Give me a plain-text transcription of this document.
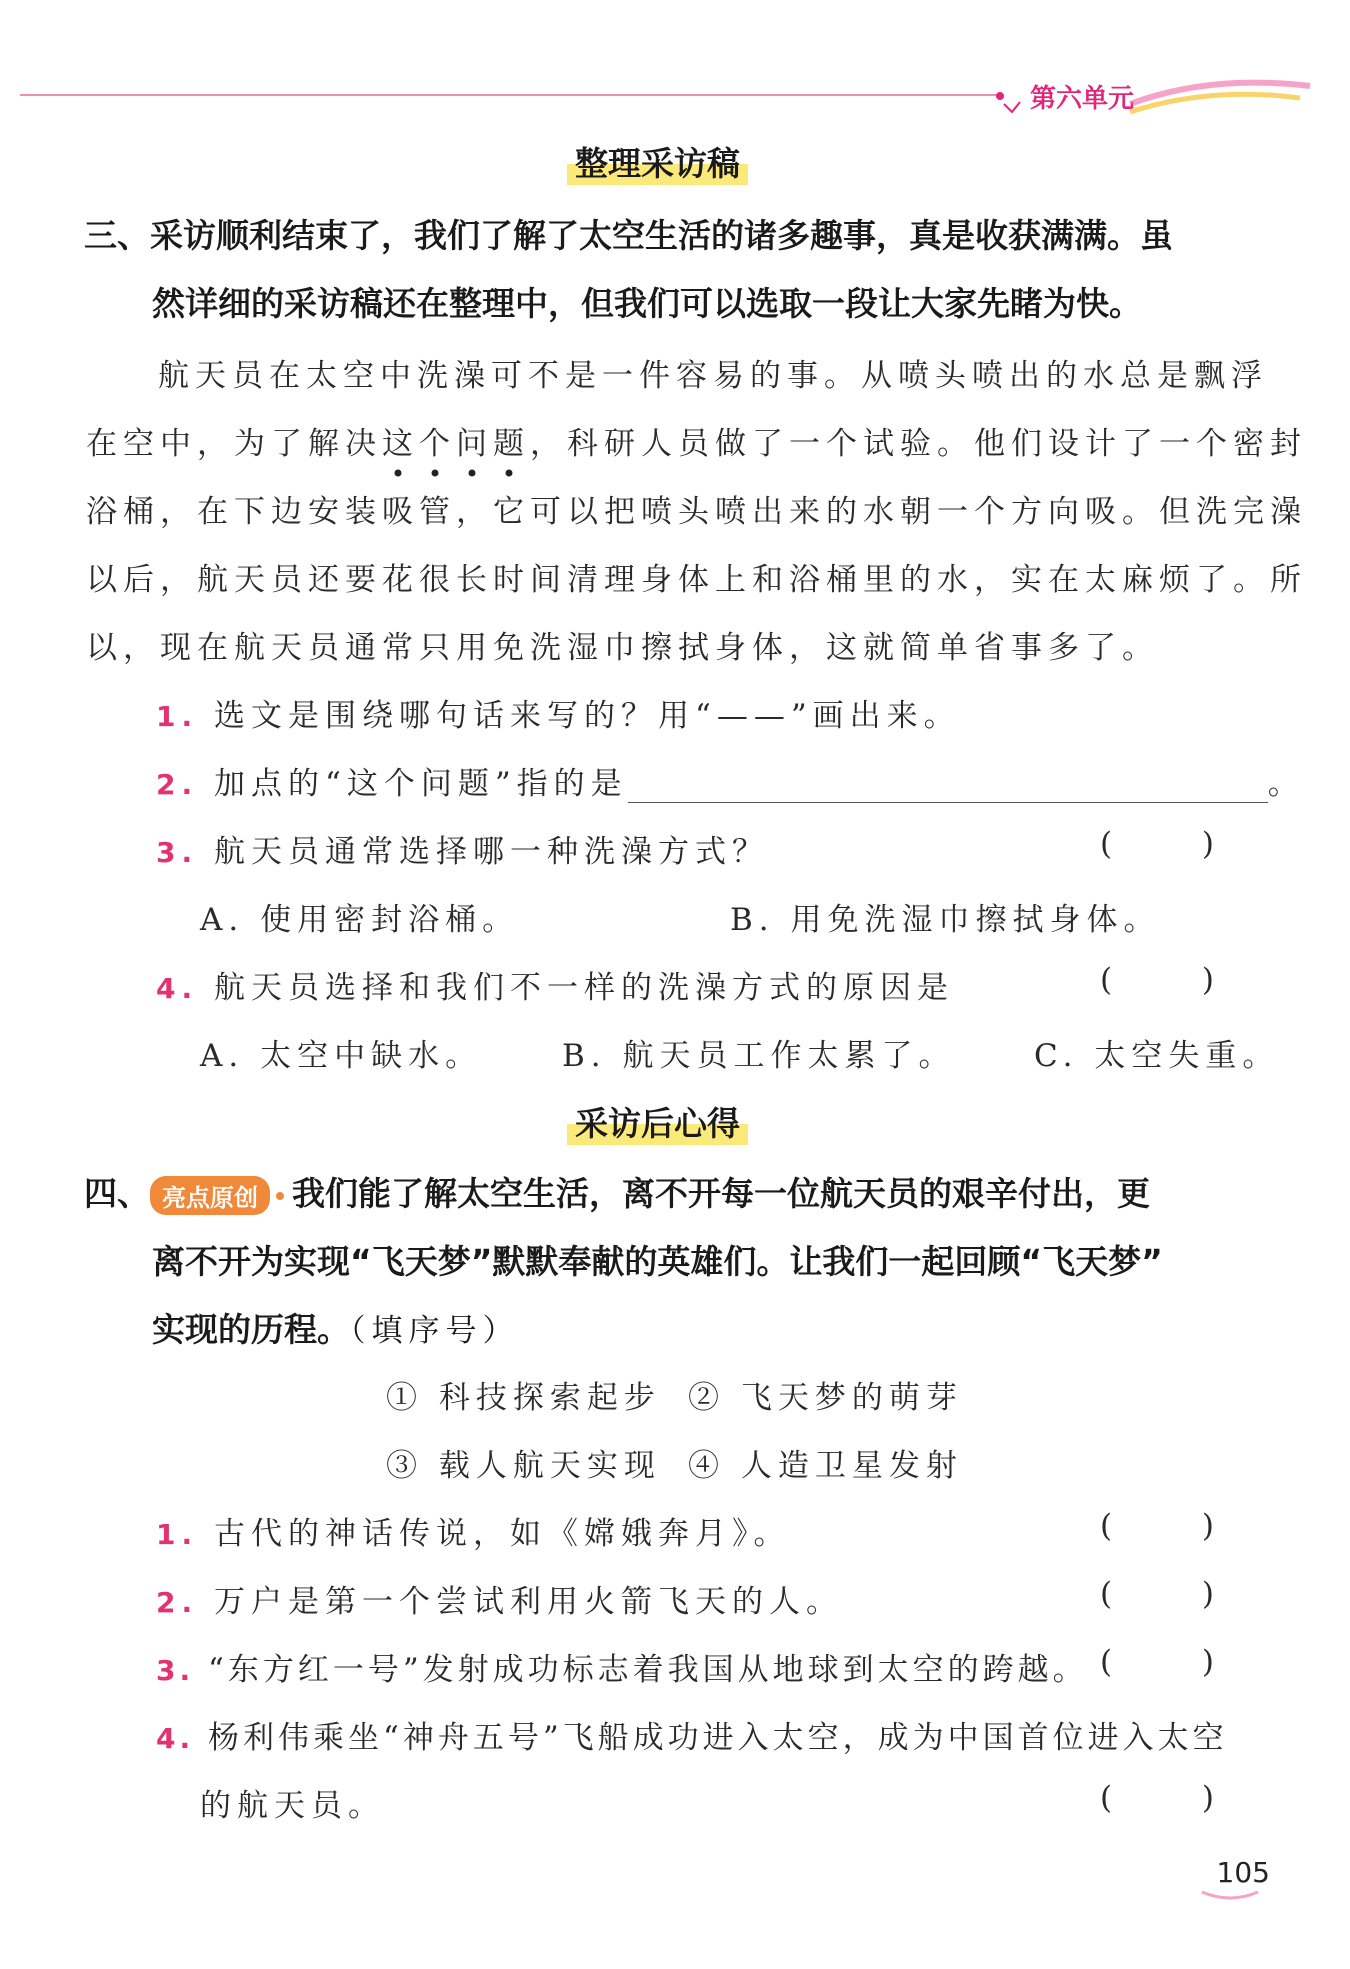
第六单元
整理采访稿
三、采访顺利结束了，我们了解了太空生活的诸多趣事，真是收获满满。虽
然详细的采访稿还在整理中，但我们可以选取一段让大家先睹为快。
航天员在太空中洗澡可不是一件容易的事。从喷头喷出的水总是飘浮
在空中，为了解决这个问题
，科研人员做了一个试验。他们设计了一个密封
浴桶，在下边安装吸管，它可以把喷头喷出来的水朝一个方向吸。但洗完澡
以后，航天员还要花很长时间清理身体上和浴桶里的水，实在太麻烦了。所
以，现在航天员通常只用免洗湿巾擦拭身体，这就简单省事多了。
1. 选文是围绕哪句话来写的？用“——”画出来。
2. 加点的“这个问题”指的是	。
3. 航天员通常选择哪一种洗澡方式？	( )
A. 使用密封浴桶。	B. 用免洗湿巾擦拭身体。
4. 航天员选择和我们不一样的洗澡方式的原因是	( )
A. 太空中缺水。	B. 航天员工作太累了。	C. 太空失重。
采访后心得
四、 亮点原创 我们能了解太空生活，离不开每一位航天员的艰辛付出，更
离不开为实现“飞天梦”默默奉献的英雄们。让我们一起回顾“飞天梦”
实现的历程。（填序号）
① 科技探索起步 ② 飞天梦的萌芽
③ 载人航天实现 ④ 人造卫星发射
1. 古代的神话传说，如《嫦娥奔月》。	( )
2. 万户是第一个尝试利用火箭飞天的人。	( )
3. “东方红一号”发射成功标志着我国从地球到太空的跨越。 ( )
4. 杨利伟乘坐“神舟五号”飞船成功进入太空，成为中国首位进入太空
的航天员。	( )
105
